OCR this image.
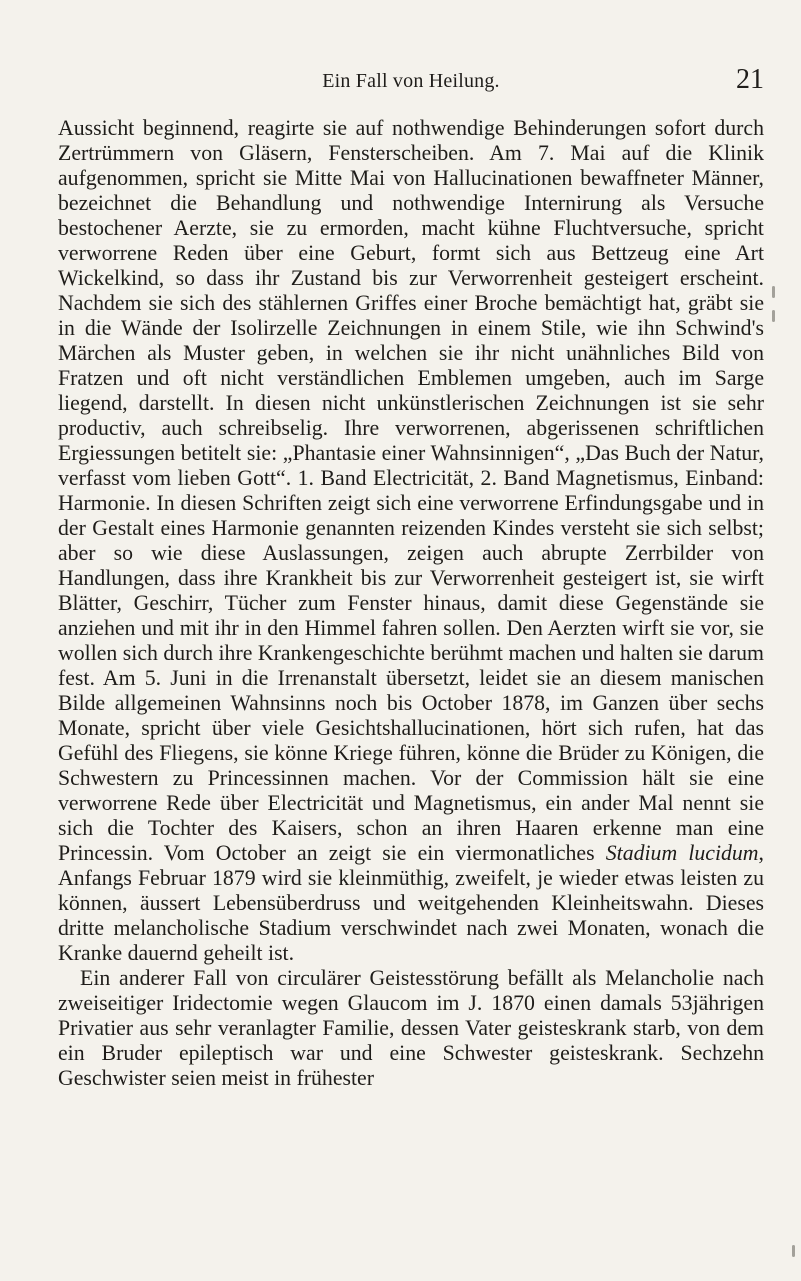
Ein Fall von Heilung.	21

Aussicht beginnend, reagirte sie auf nothwendige Behinderungen sofort durch Zertrümmern von Gläsern, Fensterscheiben. Am 7. Mai auf die Klinik aufgenommen, spricht sie Mitte Mai von Hallucinationen bewaffneter Männer, bezeichnet die Behandlung und nothwendige Internirung als Versuche bestochener Aerzte, sie zu ermorden, macht kühne Fluchtversuche, spricht verworrene Reden über eine Geburt, formt sich aus Bettzeug eine Art Wickelkind, so dass ihr Zustand bis zur Verworrenheit gesteigert erscheint. Nachdem sie sich des stählernen Griffes einer Broche bemächtigt hat, gräbt sie in die Wände der Isolirzelle Zeichnungen in einem Stile, wie ihn Schwind's Märchen als Muster geben, in welchen sie ihr nicht unähnliches Bild von Fratzen und oft nicht verständlichen Emblemen umgeben, auch im Sarge liegend, darstellt. In diesen nicht unkünstlerischen Zeichnungen ist sie sehr productiv, auch schreibselig. Ihre verworrenen, abgerissenen schriftlichen Ergiessungen betitelt sie: „Phantasie einer Wahnsinnigen“, „Das Buch der Natur, verfasst vom lieben Gott“. 1. Band Electricität, 2. Band Magnetismus, Einband: Harmonie. In diesen Schriften zeigt sich eine verworrene Erfindungsgabe und in der Gestalt eines Harmonie genannten reizenden Kindes versteht sie sich selbst; aber so wie diese Auslassungen, zeigen auch abrupte Zerrbilder von Handlungen, dass ihre Krankheit bis zur Verworrenheit gesteigert ist, sie wirft Blätter, Geschirr, Tücher zum Fenster hinaus, damit diese Gegenstände sie anziehen und mit ihr in den Himmel fahren sollen. Den Aerzten wirft sie vor, sie wollen sich durch ihre Krankengeschichte berühmt machen und halten sie darum fest. Am 5. Juni in die Irrenanstalt übersetzt, leidet sie an diesem manischen Bilde allgemeinen Wahnsinns noch bis October 1878, im Ganzen über sechs Monate, spricht über viele Gesichtshallucinationen, hört sich rufen, hat das Gefühl des Fliegens, sie könne Kriege führen, könne die Brüder zu Königen, die Schwestern zu Princessinnen machen. Vor der Commission hält sie eine verworrene Rede über Electricität und Magnetismus, ein ander Mal nennt sie sich die Tochter des Kaisers, schon an ihren Haaren erkenne man eine Princessin. Vom October an zeigt sie ein viermonatliches Stadium lucidum, Anfangs Februar 1879 wird sie kleinmüthig, zweifelt, je wieder etwas leisten zu können, äussert Lebensüberdruss und weitgehenden Kleinheitswahn. Dieses dritte melancholische Stadium verschwindet nach zwei Monaten, wonach die Kranke dauernd geheilt ist.

Ein anderer Fall von circulärer Geistesstörung befällt als Melancholie nach zweiseitiger Iridectomie wegen Glaucom im J. 1870 einen damals 53jährigen Privatier aus sehr veranlagter Familie, dessen Vater geisteskrank starb, von dem ein Bruder epileptisch war und eine Schwester geisteskrank. Sechzehn Geschwister seien meist in frühester
